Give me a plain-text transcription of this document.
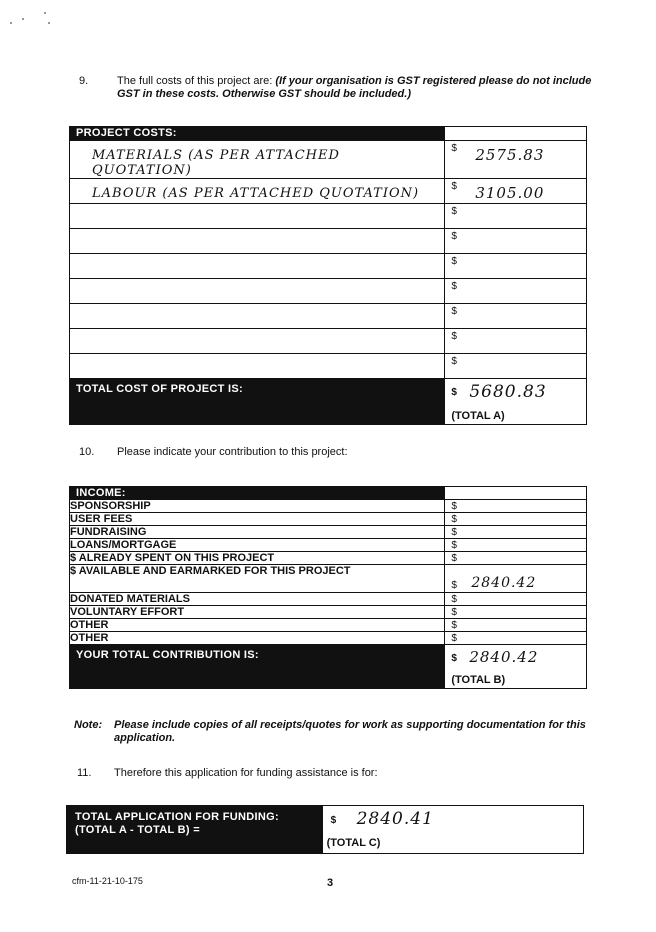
9.	The full costs of this project are: (If your organisation is GST registered please do not include GST in these costs. Otherwise GST should be included.)
PROJECT COSTS:	

MATERIALS (AS PER ATTACHED QUOTATION)	$ 2575.83

LABOUR (AS PER ATTACHED QUOTATION)	$ 3105.00

	$

	$

	$

	$

	$

	$

	$

TOTAL COST OF PROJECT IS:	$ 5680.83
(TOTAL A)
10. Please indicate your contribution to this project:
INCOME:	
SPONSORSHIP	$

USER FEES	$

FUNDRAISING	$

LOANS/MORTGAGE	$

$ ALREADY SPENT ON THIS PROJECT	$

$ AVAILABLE AND EARMARKED FOR THIS PROJECT	$ 2840.42

DONATED MATERIALS	$

VOLUNTARY EFFORT	$

OTHER	$

OTHER	$

YOUR TOTAL CONTRIBUTION IS:	$ 2840.42
(TOTAL B)
Note: Please include copies of all receipts/quotes for work as supporting documentation for this application.
11. Therefore this application for funding assistance is for:
TOTAL APPLICATION FOR FUNDING:
(TOTAL A - TOTAL B) =

$ 2840.41
(TOTAL C)
cfm-11-21-10-175	3
